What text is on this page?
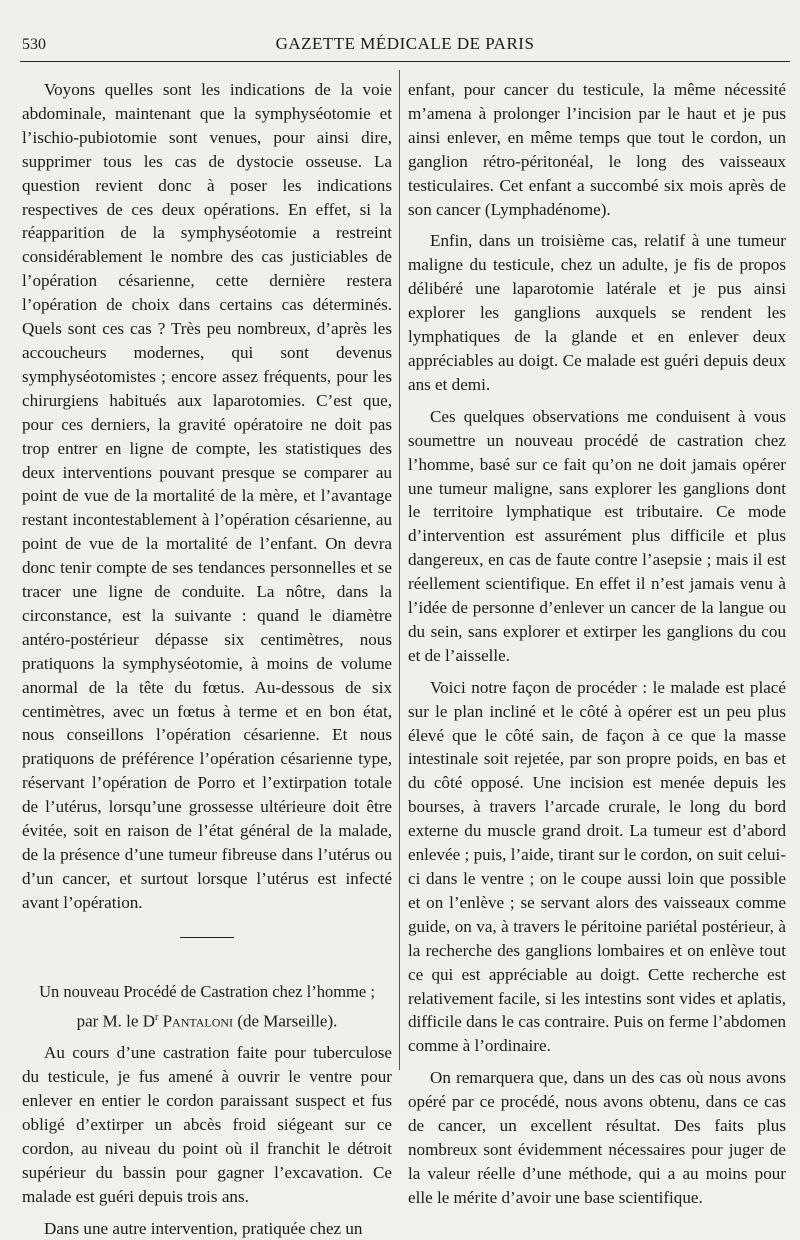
530	GAZETTE MÉDICALE DE PARIS

Voyons quelles sont les indications de la voie abdominale, maintenant que la symphyséotomie et l’ischio-pubiotomie sont venues, pour ainsi dire, supprimer tous les cas de dystocie osseuse. La question revient donc à poser les indications respectives de ces deux opérations. En effet, si la réapparition de la symphyséotomie a restreint considérablement le nombre des cas justiciables de l’opération césarienne, cette dernière restera l’opération de choix dans certains cas déterminés. Quels sont ces cas ? Très peu nombreux, d’après les accoucheurs modernes, qui sont devenus symphyséotomistes ; encore assez fréquents, pour les chirurgiens habitués aux laparotomies. C’est que, pour ces derniers, la gravité opératoire ne doit pas trop entrer en ligne de compte, les statistiques des deux interventions pouvant presque se comparer au point de vue de la mortalité de la mère, et l’avantage restant incontestablement à l’opération césarienne, au point de vue de la mortalité de l’enfant. On devra donc tenir compte de ses tendances personnelles et se tracer une ligne de conduite. La nôtre, dans la circonstance, est la suivante : quand le diamètre antéro-postérieur dépasse six centimètres, nous pratiquons la symphyséotomie, à moins de volume anormal de la tête du fœtus. Au-dessous de six centimètres, avec un fœtus à terme et en bon état, nous conseillons l’opération césarienne. Et nous pratiquons de préférence l’opération césarienne type, réservant l’opération de Porro et l’extirpation totale de l’utérus, lorsqu’une grossesse ultérieure doit être évitée, soit en raison de l’état général de la malade, de la présence d’une tumeur fibreuse dans l’utérus ou d’un cancer, et surtout lorsque l’utérus est infecté avant l’opération.

Un nouveau Procédé de Castration chez l’homme ;

par M. le $D^r$ Pantaloni (de Marseille).

Au cours d’une castration faite pour tuberculose du testicule, je fus amené à ouvrir le ventre pour enlever en entier le cordon paraissant suspect et fus obligé d’extirper un abcès froid siégeant sur ce cordon, au niveau du point où il franchit le détroit supérieur du bassin pour gagner l’excavation. Ce malade est guéri depuis trois ans.

Dans une autre intervention, pratiquée chez un

enfant, pour cancer du testicule, la même nécessité m’amena à prolonger l’incision par le haut et je pus ainsi enlever, en même temps que tout le cordon, un ganglion rétro-péritonéal, le long des vaisseaux testiculaires. Cet enfant a succombé six mois après de son cancer (Lymphadénome).

Enfin, dans un troisième cas, relatif à une tumeur maligne du testicule, chez un adulte, je fis de propos délibéré une laparotomie latérale et je pus ainsi explorer les ganglions auxquels se rendent les lymphatiques de la glande et en enlever deux appréciables au doigt. Ce malade est guéri depuis deux ans et demi.

Ces quelques observations me conduisent à vous soumettre un nouveau procédé de castration chez l’homme, basé sur ce fait qu’on ne doit jamais opérer une tumeur maligne, sans explorer les ganglions dont le territoire lymphatique est tributaire. Ce mode d’intervention est assurément plus difficile et plus dangereux, en cas de faute contre l’asepsie ; mais il est réellement scientifique. En effet il n’est jamais venu à l’idée de personne d’enlever un cancer de la langue ou du sein, sans explorer et extirper les ganglions du cou et de l’aisselle.

Voici notre façon de procéder : le malade est placé sur le plan incliné et le côté à opérer est un peu plus élevé que le côté sain, de façon à ce que la masse intestinale soit rejetée, par son propre poids, en bas et du côté opposé. Une incision est menée depuis les bourses, à travers l’arcade crurale, le long du bord externe du muscle grand droit. La tumeur est d’abord enlevée ; puis, l’aide, tirant sur le cordon, on suit celui-ci dans le ventre ; on le coupe aussi loin que possible et on l’enlève ; se servant alors des vaisseaux comme guide, on va, à travers le péritoine pariétal postérieur, à la recherche des ganglions lombaires et on enlève tout ce qui est appréciable au doigt. Cette recherche est relativement facile, si les intestins sont vides et aplatis, difficile dans le cas contraire. Puis on ferme l’abdomen comme à l’ordinaire.

On remarquera que, dans un des cas où nous avons opéré par ce procédé, nous avons obtenu, dans ce cas de cancer, un excellent résultat. Des faits plus nombreux sont évidemment nécessaires pour juger de la valeur réelle d’une méthode, qui a au moins pour elle le mérite d’avoir une base scientifique.
